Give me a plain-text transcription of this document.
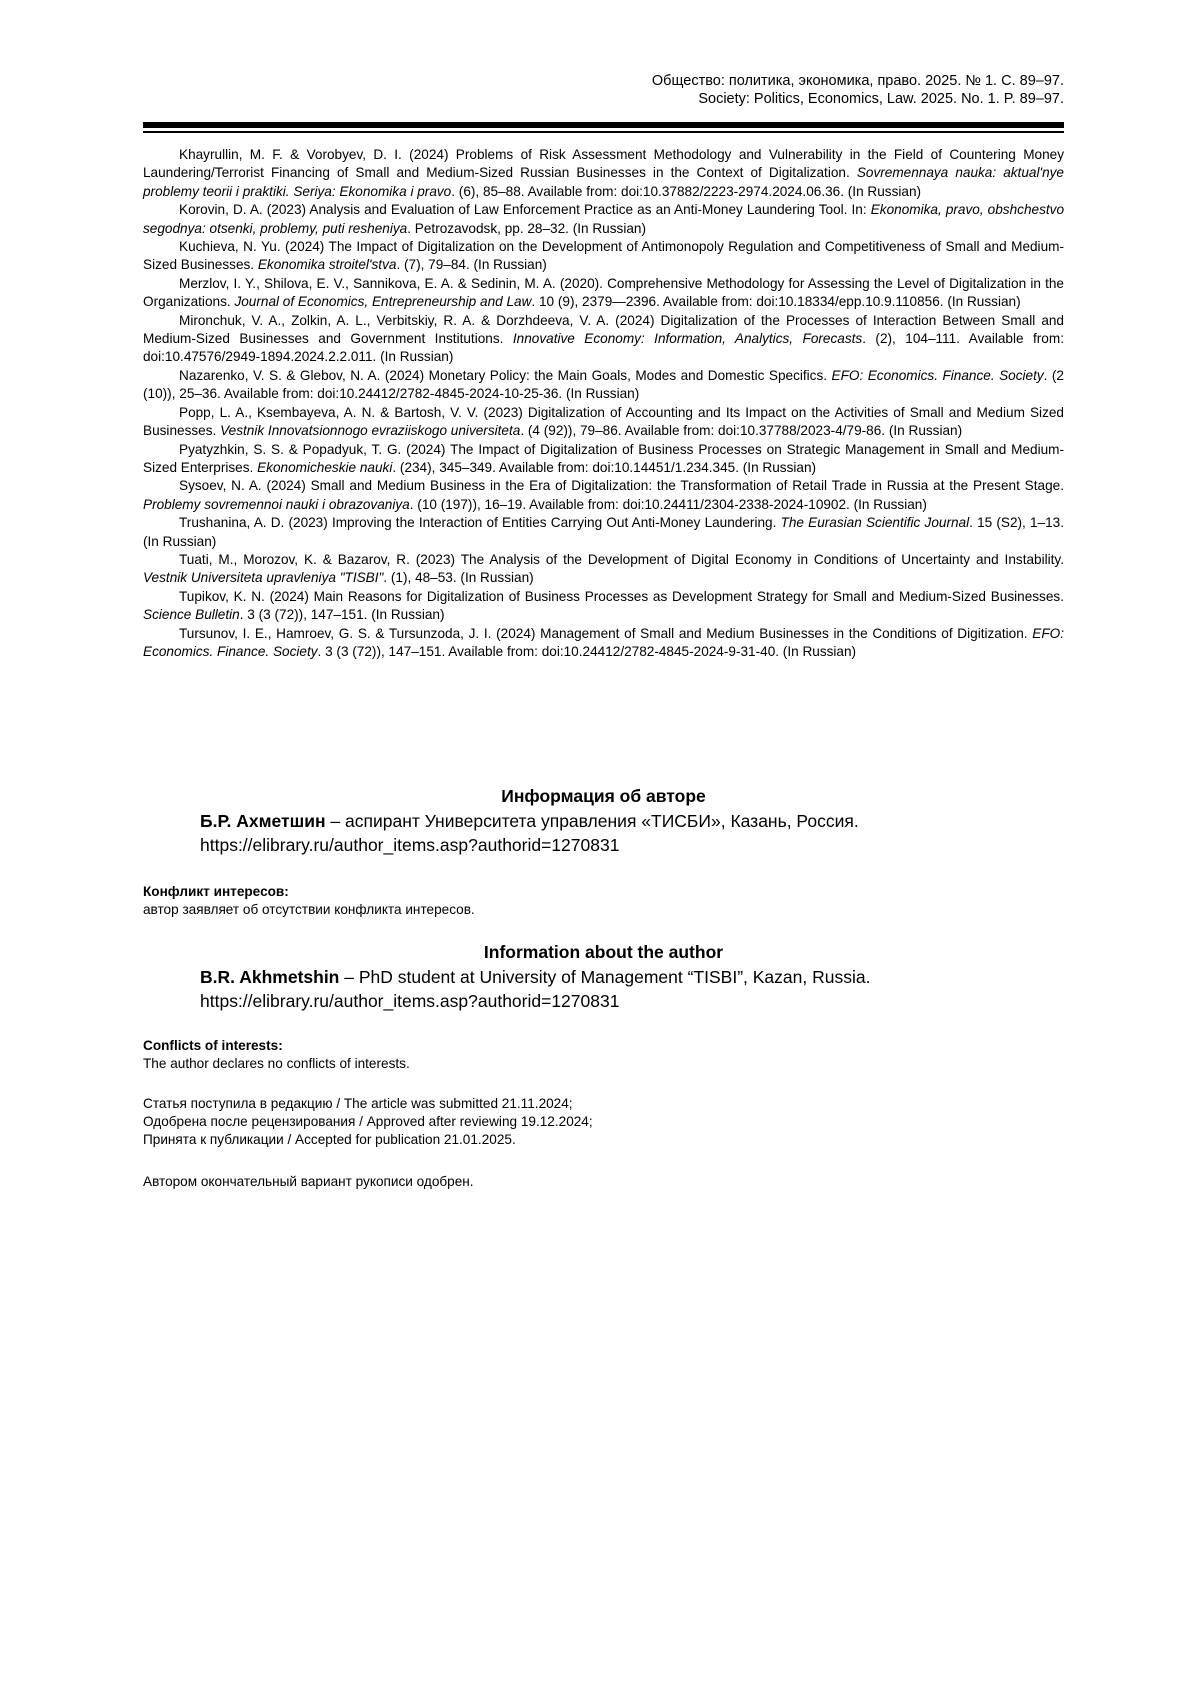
Общество: политика, экономика, право. 2025. № 1. С. 89–97.
Society: Politics, Economics, Law. 2025. No. 1. P. 89–97.

Khayrullin, M. F. & Vorobyev, D. I. (2024) Problems of Risk Assessment Methodology and Vulnerability in the Field of Countering Money Laundering/Terrorist Financing of Small and Medium-Sized Russian Businesses in the Context of Digitalization. Sovremennaya nauka: aktual'nye problemy teorii i praktiki. Seriya: Ekonomika i pravo. (6), 85–88. Available from: doi:10.37882/2223-2974.2024.06.36. (In Russian)

Korovin, D. A. (2023) Analysis and Evaluation of Law Enforcement Practice as an Anti-Money Laundering Tool. In: Ekonomika, pravo, obshchestvo segodnya: otsenki, problemy, puti resheniya. Petrozavodsk, pp. 28–32. (In Russian)

Kuchieva, N. Yu. (2024) The Impact of Digitalization on the Development of Antimonopoly Regulation and Competitiveness of Small and Medium-Sized Businesses. Ekonomika stroitel'stva. (7), 79–84. (In Russian)

Merzlov, I. Y., Shilova, E. V., Sannikova, E. A. & Sedinin, M. A. (2020). Comprehensive Methodology for Assessing the Level of Digitalization in the Organizations. Journal of Economics, Entrepreneurship and Law. 10 (9), 2379—2396. Available from: doi:10.18334/epp.10.9.110856. (In Russian)

Mironchuk, V. A., Zolkin, A. L., Verbitskiy, R. A. & Dorzhdeeva, V. A. (2024) Digitalization of the Processes of Interaction Between Small and Medium-Sized Businesses and Government Institutions. Innovative Economy: Information, Analytics, Forecasts. (2), 104–111. Available from: doi:10.47576/2949-1894.2024.2.2.011. (In Russian)

Nazarenko, V. S. & Glebov, N. A. (2024) Monetary Policy: the Main Goals, Modes and Domestic Specifics. EFO: Economics. Finance. Society. (2 (10)), 25–36. Available from: doi:10.24412/2782-4845-2024-10-25-36. (In Russian)

Popp, L. A., Ksembayeva, A. N. & Bartosh, V. V. (2023) Digitalization of Accounting and Its Impact on the Activities of Small and Medium Sized Businesses. Vestnik Innovatsionnogo evraziiskogo universiteta. (4 (92)), 79–86. Available from: doi:10.37788/2023-4/79-86. (In Russian)

Pyatyzhkin, S. S. & Popadyuk, T. G. (2024) The Impact of Digitalization of Business Processes on Strategic Management in Small and Medium-Sized Enterprises. Ekonomicheskie nauki. (234), 345–349. Available from: doi:10.14451/1.234.345. (In Russian)

Sysoev, N. A. (2024) Small and Medium Business in the Era of Digitalization: the Transformation of Retail Trade in Russia at the Present Stage. Problemy sovremennoi nauki i obrazovaniya. (10 (197)), 16–19. Available from: doi:10.24411/2304-2338-2024-10902. (In Russian)

Trushanina, A. D. (2023) Improving the Interaction of Entities Carrying Out Anti-Money Laundering. The Eurasian Scientific Journal. 15 (S2), 1–13. (In Russian)

Tuati, M., Morozov, K. & Bazarov, R. (2023) The Analysis of the Development of Digital Economy in Conditions of Uncertainty and Instability. Vestnik Universiteta upravleniya "TISBI". (1), 48–53. (In Russian)

Tupikov, K. N. (2024) Main Reasons for Digitalization of Business Processes as Development Strategy for Small and Medium-Sized Businesses. Science Bulletin. 3 (3 (72)), 147–151. (In Russian)

Tursunov, I. E., Hamroev, G. S. & Tursunzoda, J. I. (2024) Management of Small and Medium Businesses in the Conditions of Digitization. EFO: Economics. Finance. Society. 3 (3 (72)), 147–151. Available from: doi:10.24412/2782-4845-2024-9-31-40. (In Russian)

Информация об авторе
Б.Р. Ахметшин – аспирант Университета управления «ТИСБИ», Казань, Россия.
https://elibrary.ru/author_items.asp?authorid=1270831
Конфликт интересов:
автор заявляет об отсутствии конфликта интересов.
Information about the author
B.R. Akhmetshin – PhD student at University of Management “TISBI”, Kazan, Russia.
https://elibrary.ru/author_items.asp?authorid=1270831
Conflicts of interests:
The author declares no conflicts of interests.
Статья поступила в редакцию / The article was submitted 21.11.2024;
Одобрена после рецензирования / Approved after reviewing 19.12.2024;
Принята к публикации / Accepted for publication 21.01.2025.
Автором окончательный вариант рукописи одобрен.
